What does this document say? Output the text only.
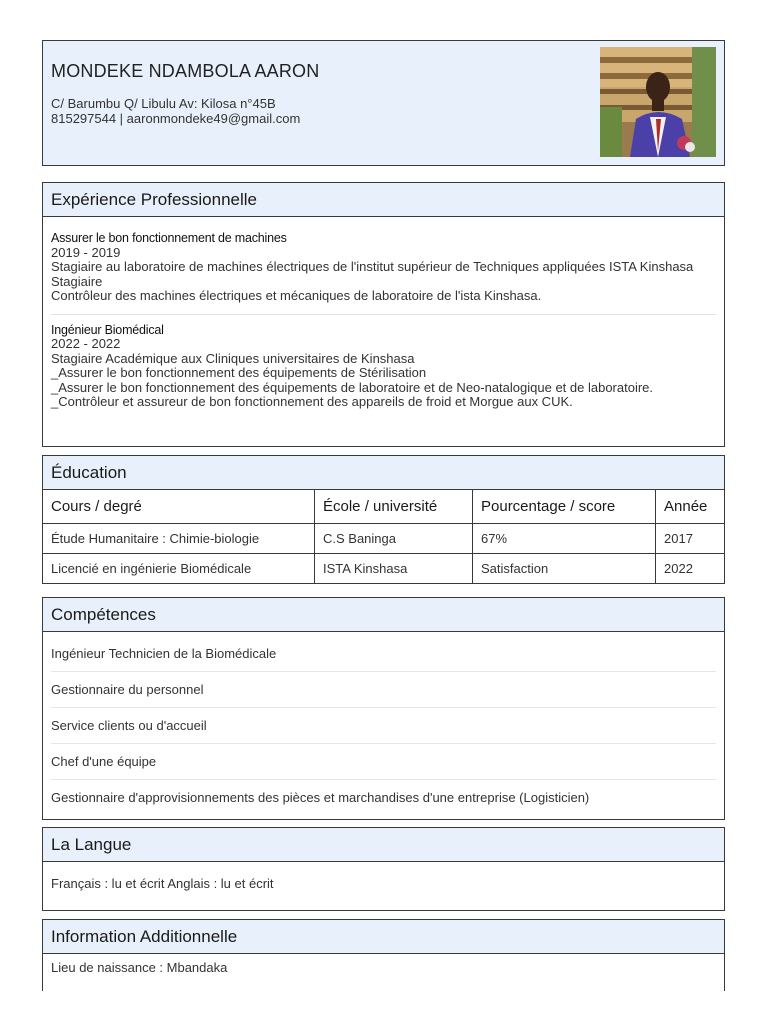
MONDEKE NDAMBOLA AARON
C/ Barumbu Q/ Libulu Av: Kilosa n°45B
815297544 | aaronmondeke49@gmail.com
Expérience Professionnelle
Assurer le bon fonctionnement de machines
2019 - 2019
Stagiaire au laboratoire de machines électriques de l'institut supérieur de Techniques appliquées ISTA Kinshasa
Stagiaire
Contrôleur des machines électriques et mécaniques de laboratoire de l'ista Kinshasa.
Ingénieur Biomédical
2022 - 2022
Stagiaire Académique aux Cliniques universitaires de Kinshasa
_Assurer le bon fonctionnement des équipements de Stérilisation
_Assurer le bon fonctionnement des équipements de laboratoire et de Neo-natalogique et de laboratoire.
_Contrôleur et assureur de bon fonctionnement des appareils de froid et Morgue aux CUK.
Éducation
Cours / degré	École / université	Pourcentage / score	Année
Étude Humanitaire : Chimie-biologie	C.S Baninga	67%	2017
Licencié en ingénierie Biomédicale	ISTA Kinshasa	Satisfaction	2022
Compétences
Ingénieur Technicien de la Biomédicale
Gestionnaire du personnel
Service clients ou d'accueil
Chef d'une équipe
Gestionnaire d'approvisionnements des pièces et marchandises d'une entreprise (Logisticien)
La Langue
Français : lu et écrit Anglais : lu et écrit
Information Additionnelle
Lieu de naissance : Mbandaka
